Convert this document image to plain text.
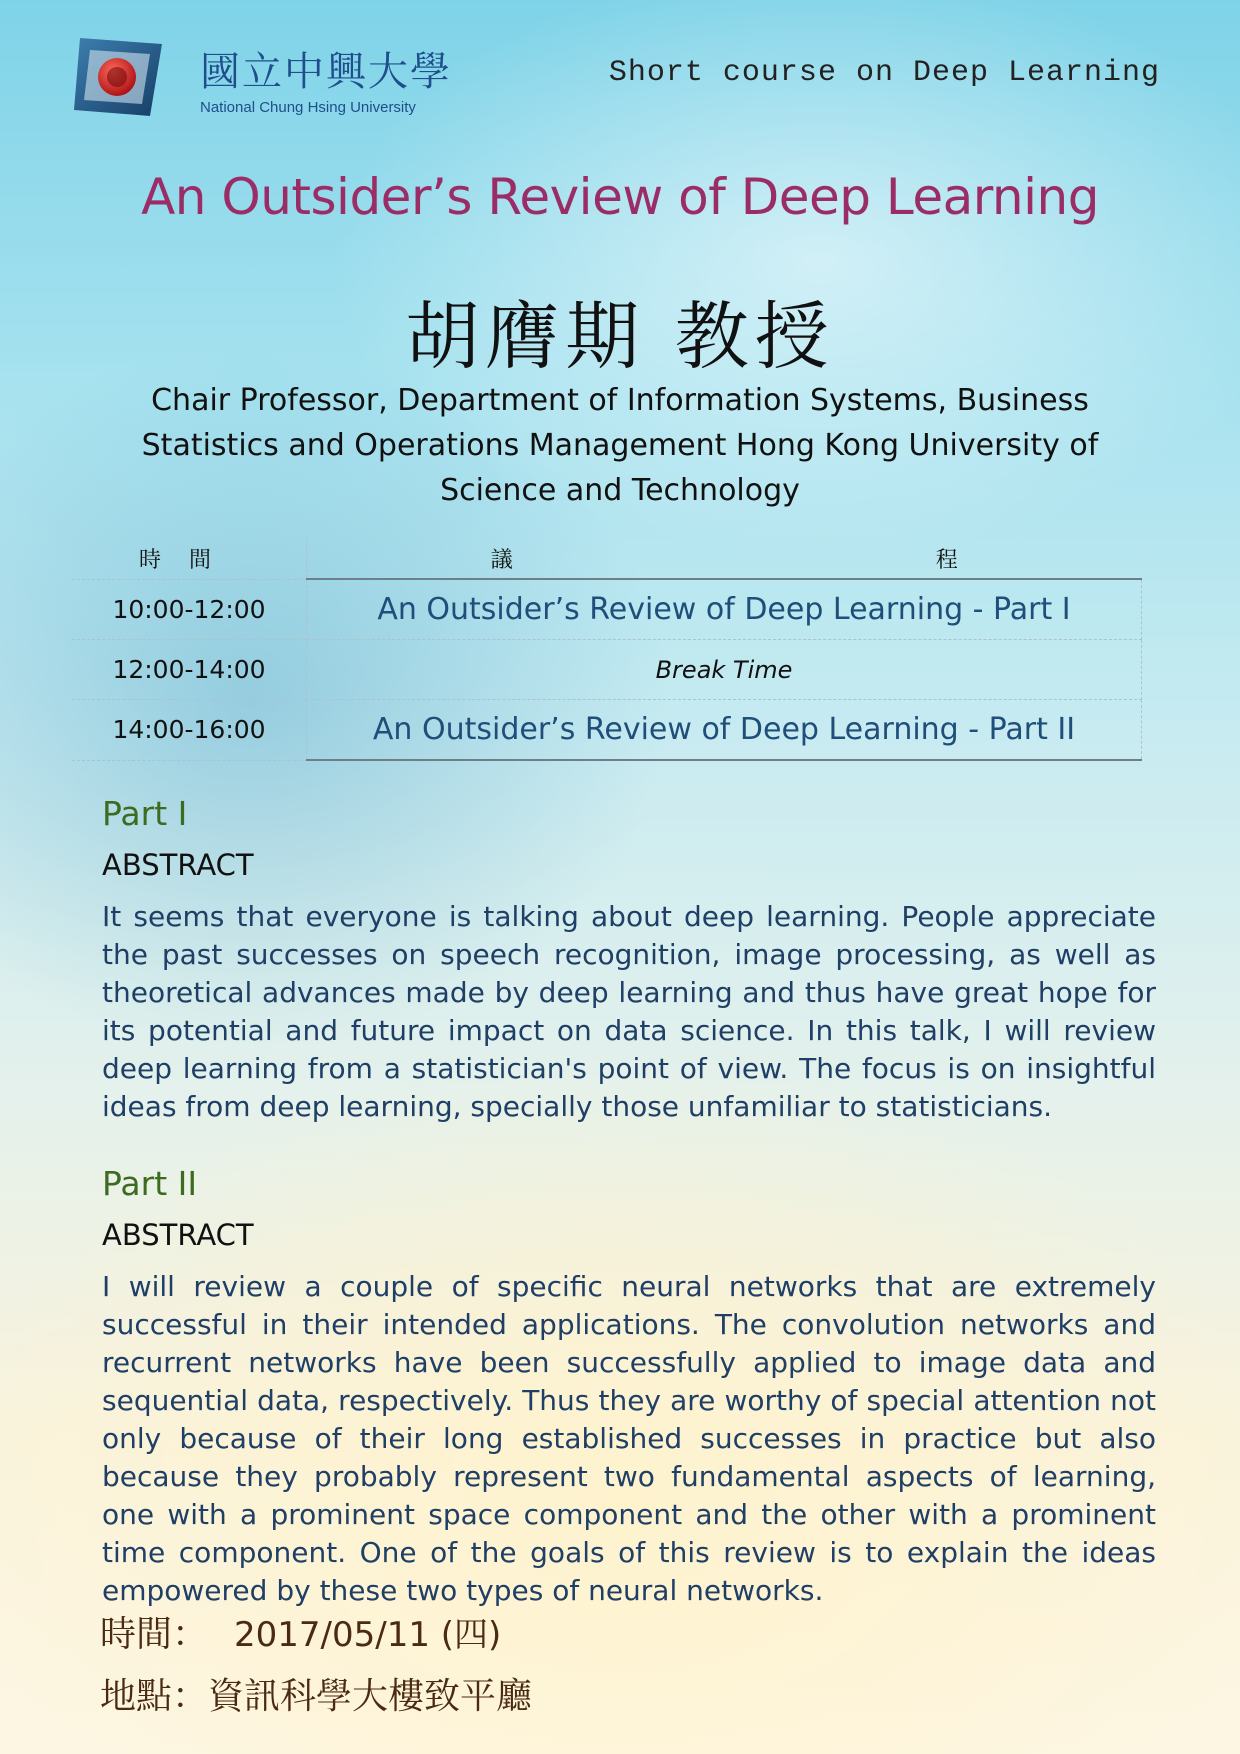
國立中興大學
National Chung Hsing University
Short course on Deep Learning
An Outsider’s Review of Deep Learning
胡膺期 教授
Chair Professor, Department of Information Systems, Business Statistics and Operations Management Hong Kong University of Science and Technology
時間	議 程
10:00-12:00	An Outsider’s Review of Deep Learning - Part I
12:00-14:00	Break Time
14:00-16:00	An Outsider’s Review of Deep Learning - Part II
Part I
ABSTRACT

It seems that everyone is talking about deep learning. People appreciate the past successes on speech recognition, image processing, as well as theoretical advances made by deep learning and thus have great hope for its potential and future impact on data science. In this talk, I will review deep learning from a statistician's point of view. The focus is on insightful ideas from deep learning, specially those unfamiliar to statisticians.

Part II
ABSTRACT

I will review a couple of specific neural networks that are extremely successful in their intended applications. The convolution networks and recurrent networks have been successfully applied to image data and sequential data, respectively. Thus they are worthy of special attention not only because of their long established successes in practice but also because they probably represent two fundamental aspects of learning, one with a prominent space component and the other with a prominent time component. One of the goals of this review is to explain the ideas empowered by these two types of neural networks.

時間： 2017/05/11 (四)
地點：資訊科學大樓致平廳
